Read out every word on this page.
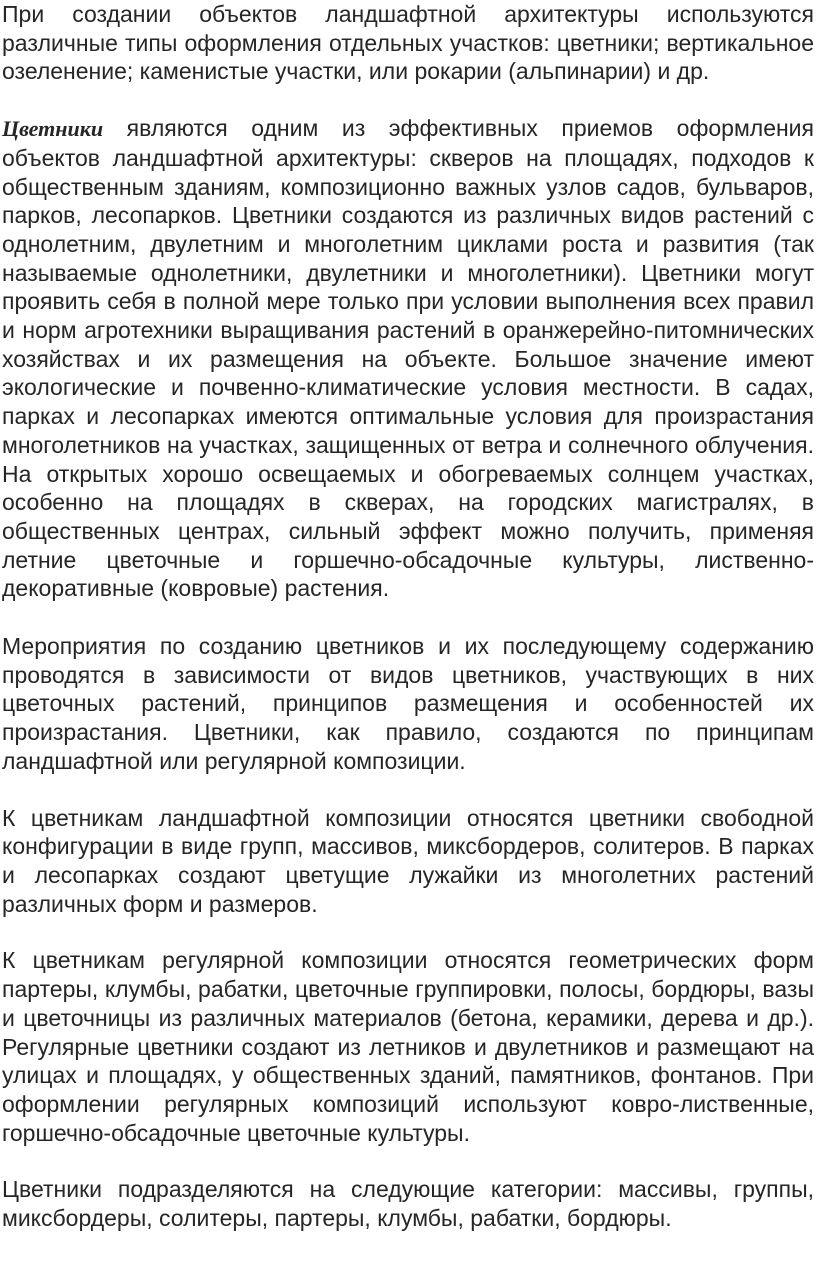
При создании объектов ландшафтной архитектуры используются различные типы оформления отдельных участков: цветники; вертикальное озеленение; каменистые участки, или рокарии (альпинарии) и др.

Цветники являются одним из эффективных приемов оформления объектов ландшафтной архитектуры: скверов на площадях, подходов к общественным зданиям, композиционно важных узлов садов, бульваров, парков, лесопарков. Цветники создаются из различных видов растений с однолетним, двулетним и многолетним циклами роста и развития (так называемые однолетники, двулетники и многолетники). Цветники могут проявить себя в полной мере только при условии выполнения всех правил и норм агротехники выращивания растений в оранжерейно-питомнических хозяйствах и их размещения на объекте. Большое значение имеют экологические и почвенно-климатические условия местности. В садах, парках и лесопарках имеются оптимальные условия для произрастания многолетников на участках, защищенных от ветра и солнечного облучения. На открытых хорошо освещаемых и обогреваемых солнцем участках, особенно на площадях в скверах, на городских магистралях, в общественных центрах, сильный эффект можно получить, применяя летние цветочные и горшечно-обсадочные культуры, лиственно-декоративные (ковровые) растения.

Мероприятия по созданию цветников и их последующему содержанию проводятся в зависимости от видов цветников, участвующих в них цветочных растений, принципов размещения и особенностей их произрастания. Цветники, как правило, создаются по принципам ландшафтной или регулярной композиции.

К цветникам ландшафтной композиции относятся цветники свободной конфигурации в виде групп, массивов, миксбордеров, солитеров. В парках и лесопарках создают цветущие лужайки из многолетних растений различных форм и размеров.

К цветникам регулярной композиции относятся геометрических форм партеры, клумбы, рабатки, цветочные группировки, полосы, бордюры, вазы и цветочницы из различных материалов (бетона, керамики, дерева и др.). Регулярные цветники создают из летников и двулетников и размещают на улицах и площадях, у общественных зданий, памятников, фонтанов. При оформлении регулярных композиций используют ковро-лиственные, горшечно-обсадочные цветочные культуры.

Цветники подразделяются на следующие категории: массивы, группы, миксбордеры, солитеры, партеры, клумбы, рабатки, бордюры.
